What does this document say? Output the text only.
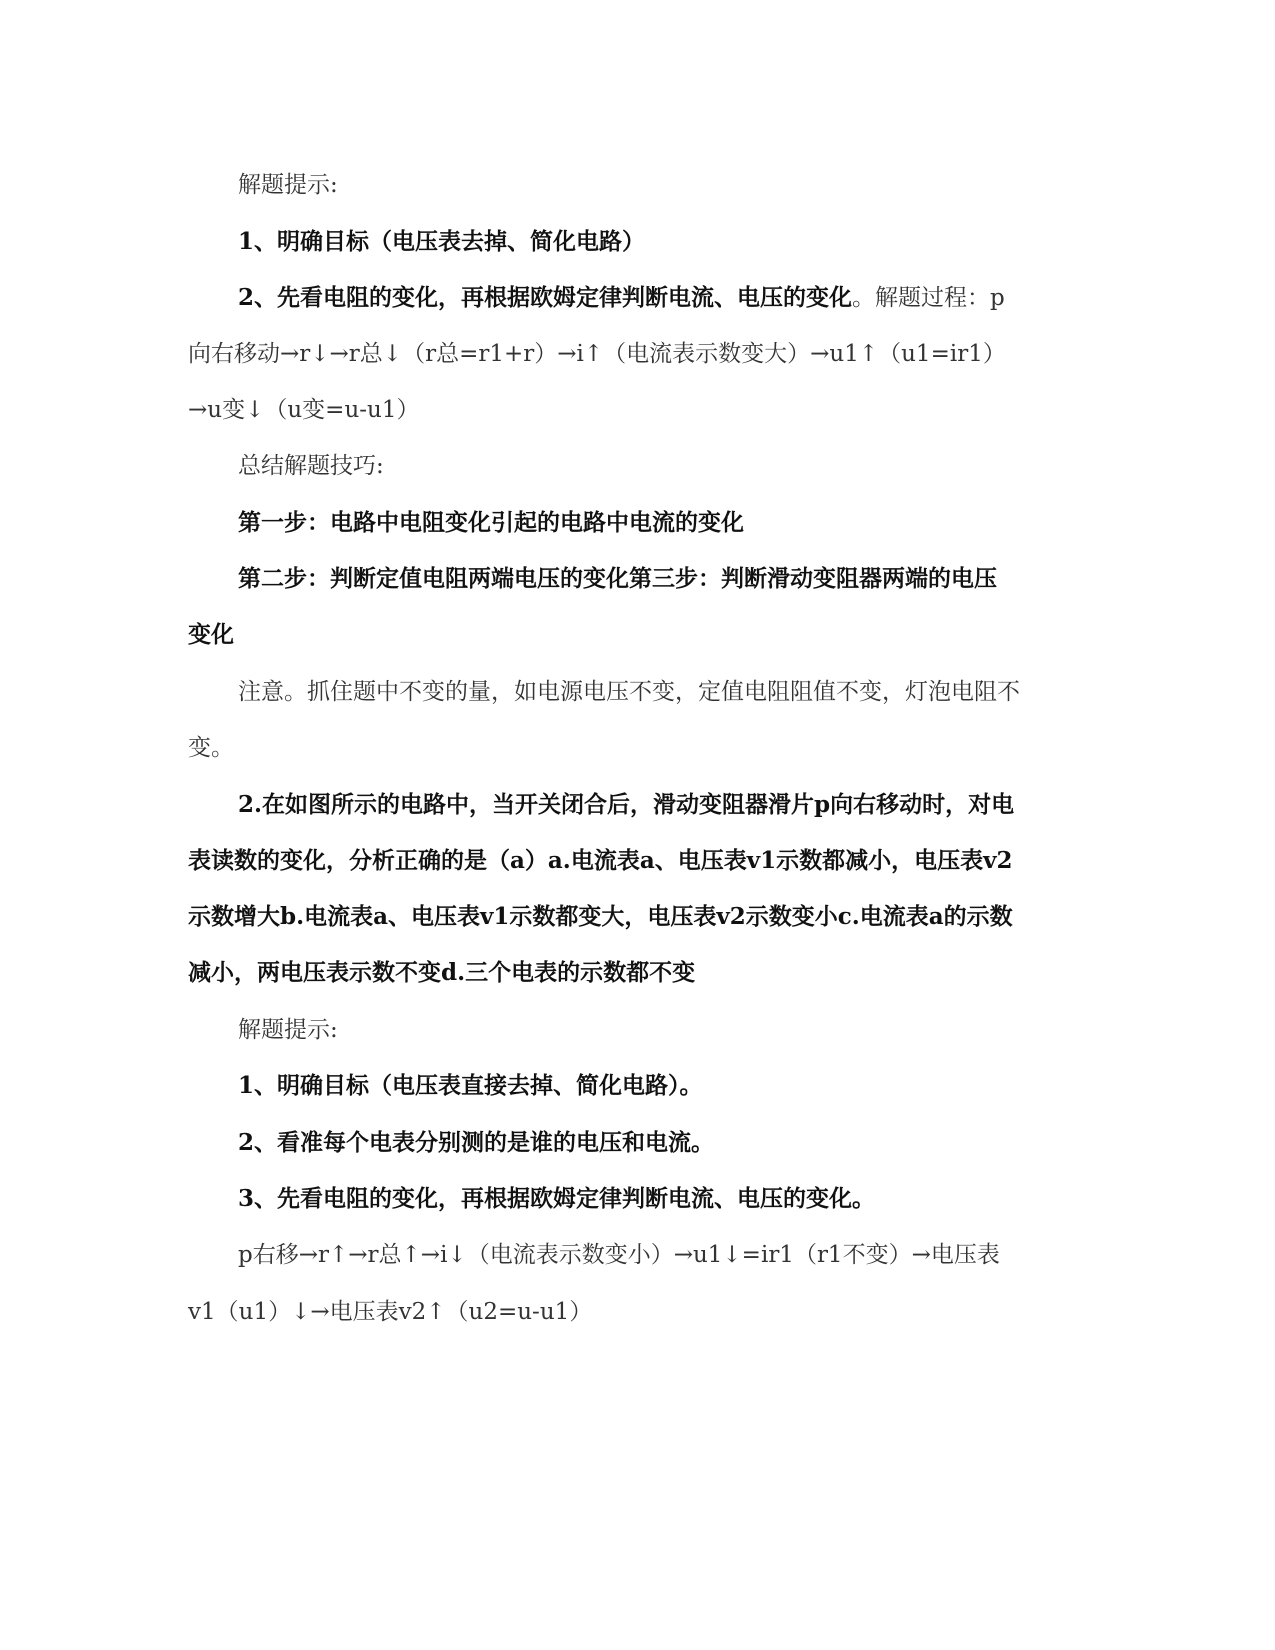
解题提示:
1、明确目标（电压表去掉、简化电路）
2、先看电阻的变化，再根据欧姆定律判断电流、电压的变化。解题过程：p
向右移动→r↓→r总↓（r总=r1+r）→i↑（电流表示数变大）→u1↑（u1=ir1）
→u变↓（u变=u-u1）
总结解题技巧:
第一步：电路中电阻变化引起的电路中电流的变化
第二步：判断定值电阻两端电压的变化第三步：判断滑动变阻器两端的电压
变化
注意。抓住题中不变的量，如电源电压不变，定值电阻阻值不变，灯泡电阻不
变。
2.在如图所示的电路中，当开关闭合后，滑动变阻器滑片p向右移动时，对电
表读数的变化，分析正确的是（a）a.电流表a、电压表v1示数都减小，电压表v2
示数增大b.电流表a、电压表v1示数都变大，电压表v2示数变小c.电流表a的示数
减小，两电压表示数不变d.三个电表的示数都不变
解题提示:
1、明确目标（电压表直接去掉、简化电路）。
2、看准每个电表分别测的是谁的电压和电流。
3、先看电阻的变化，再根据欧姆定律判断电流、电压的变化。
p右移→r↑→r总↑→i↓（电流表示数变小）→u1↓=ir1（r1不变）→电压表
v1（u1）↓→电压表v2↑（u2=u-u1）
